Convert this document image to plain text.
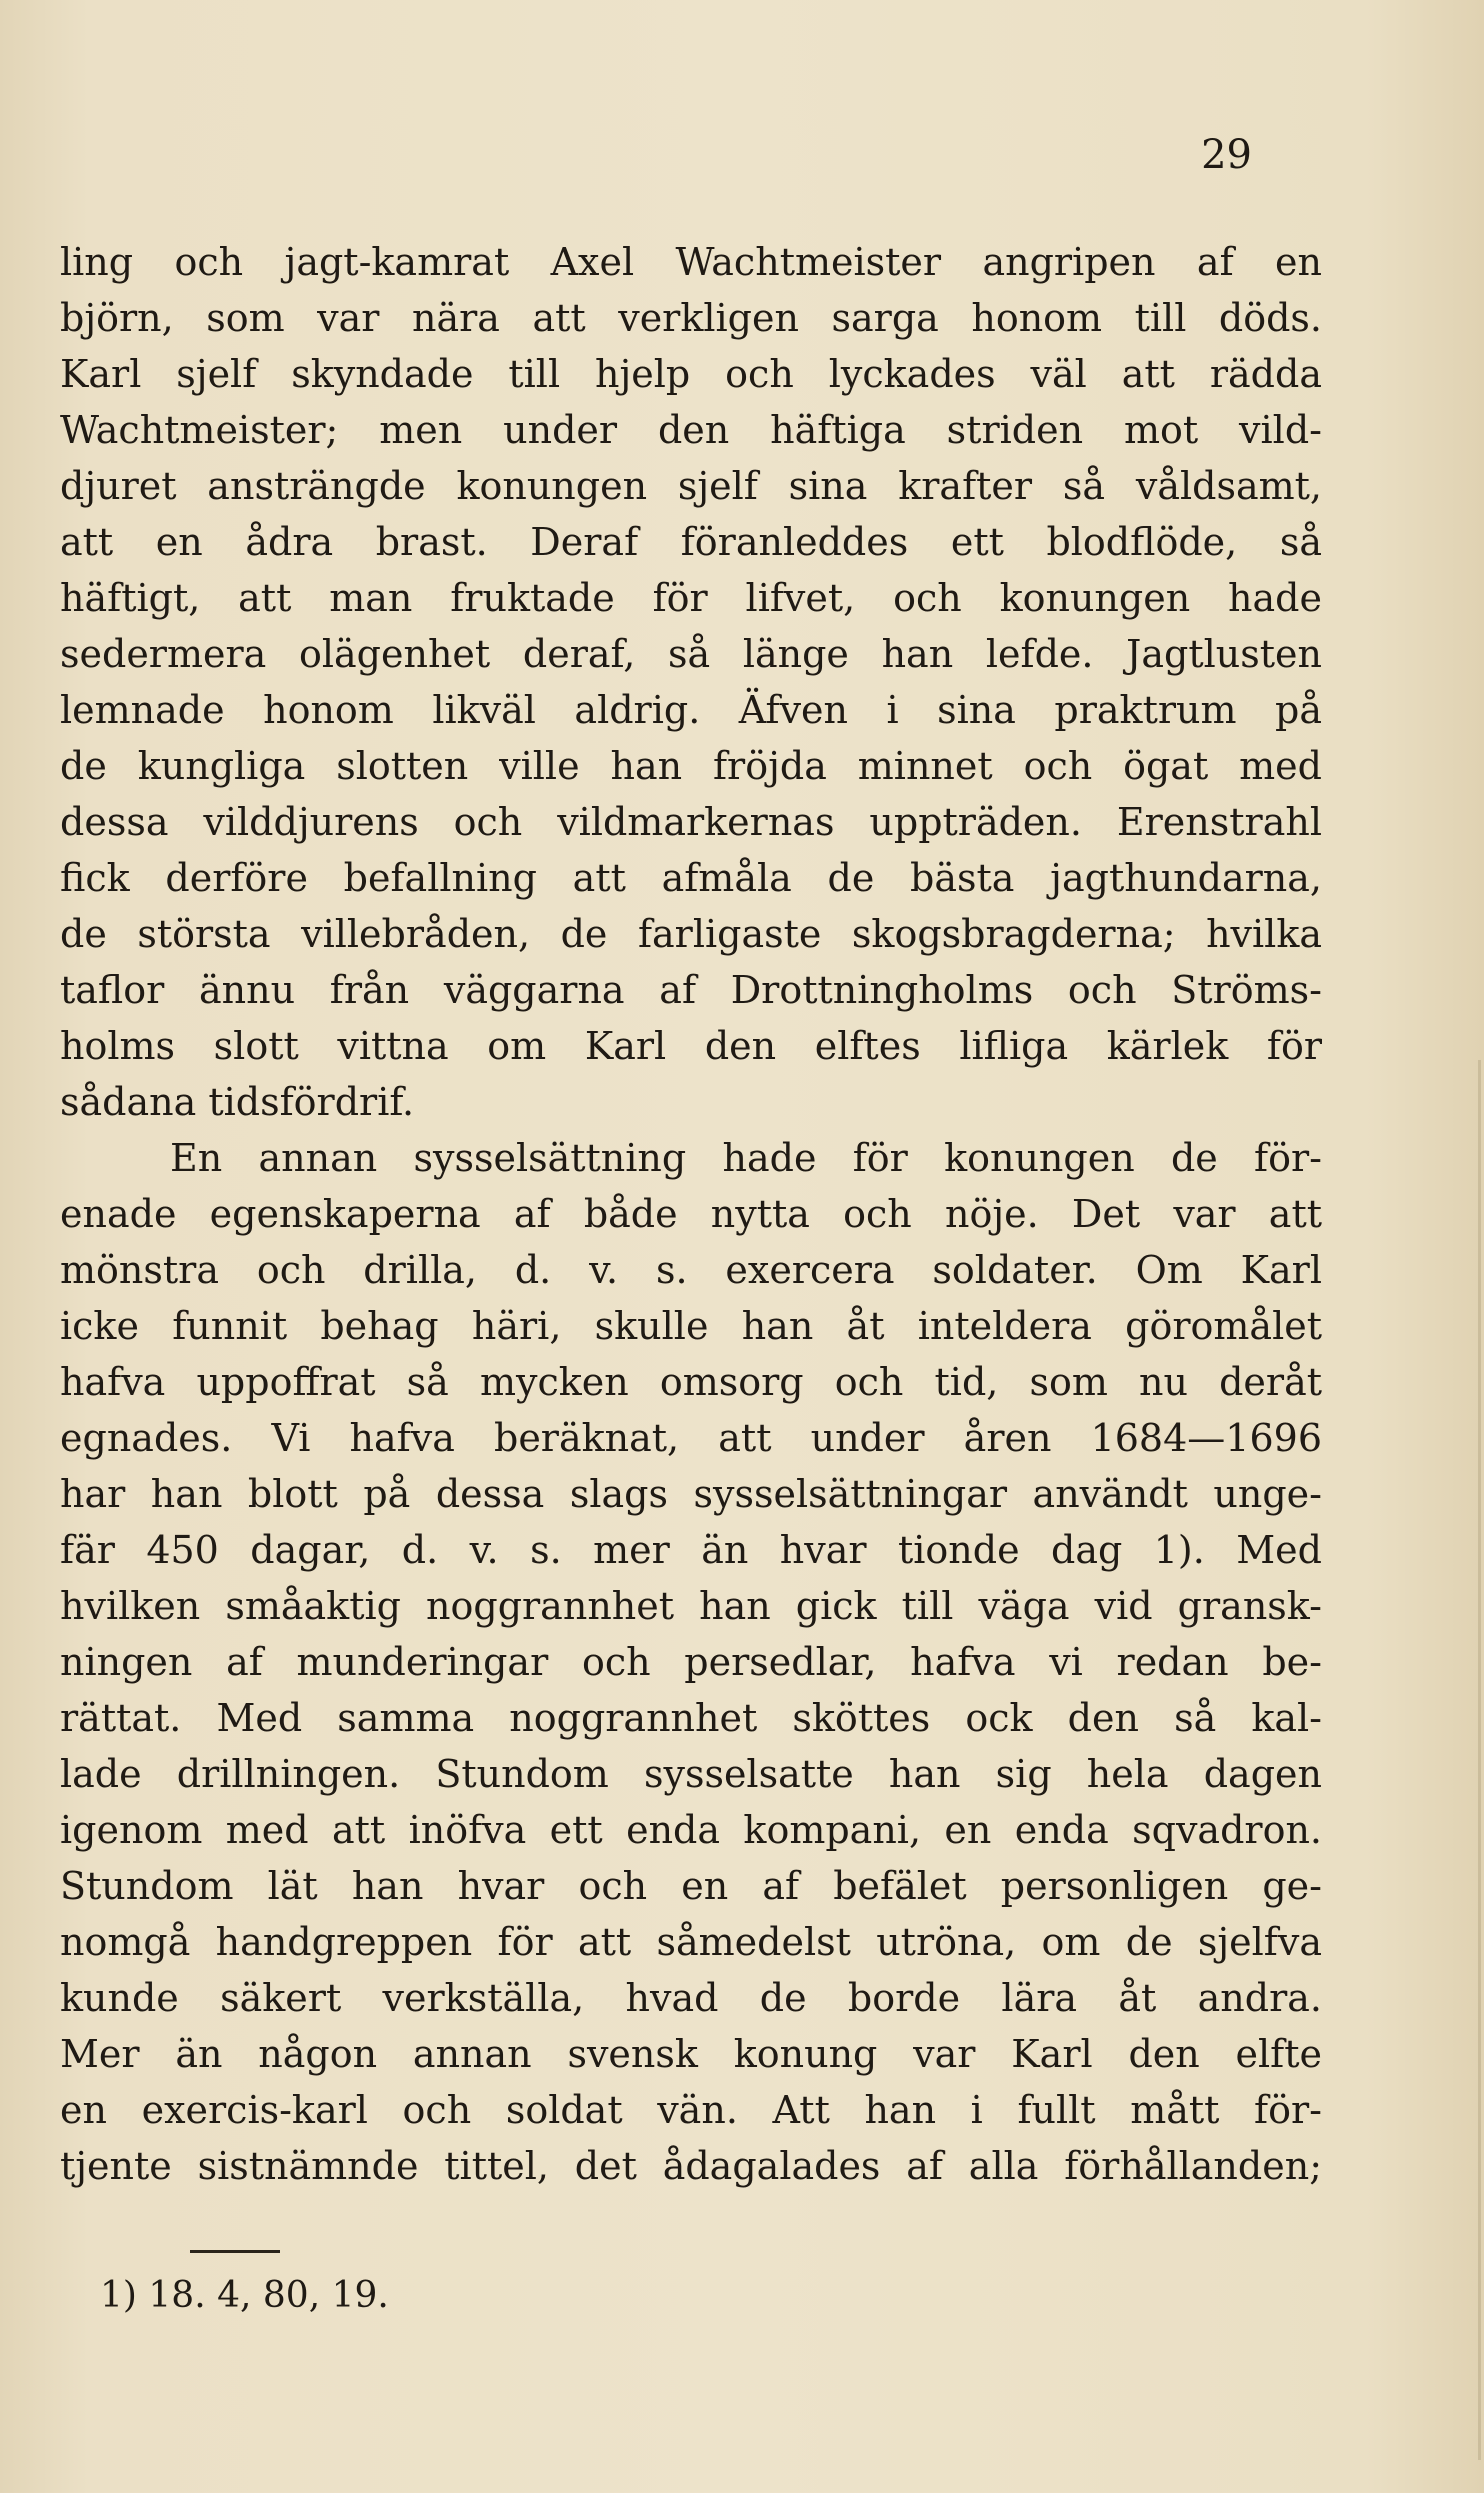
29
ling och jagt-kamrat Axel Wachtmeister angripen af en
björn, som var nära att verkligen sarga honom till döds.
Karl sjelf skyndade till hjelp och lyckades väl att rädda
Wachtmeister; men under den häftiga striden mot vild-
djuret ansträngde konungen sjelf sina krafter så våldsamt,
att en ådra brast. Deraf föranleddes ett blodflöde, så
häftigt, att man fruktade för lifvet, och konungen hade
sedermera olägenhet deraf, så länge han lefde. Jagtlusten
lemnade honom likväl aldrig. Äfven i sina praktrum på
de kungliga slotten ville han fröjda minnet och ögat med
dessa vilddjurens och vildmarkernas uppträden. Erenstrahl
fick derföre befallning att afmåla de bästa jagthundarna,
de största villebråden, de farligaste skogsbragderna; hvilka
taflor ännu från väggarna af Drottningholms och Ströms-
holms slott vittna om Karl den elftes lifliga kärlek för
sådana tidsfördrif.
En annan sysselsättning hade för konungen de för-
enade egenskaperna af både nytta och nöje. Det var att
mönstra och drilla, d. v. s. exercera soldater. Om Karl
icke funnit behag häri, skulle han åt inteldera göromålet
hafva uppoffrat så mycken omsorg och tid, som nu deråt
egnades. Vi hafva beräknat, att under åren 1684—1696
har han blott på dessa slags sysselsättningar användt unge-
fär 450 dagar, d. v. s. mer än hvar tionde dag 1). Med
hvilken småaktig noggrannhet han gick till väga vid gransk-
ningen af munderingar och persedlar, hafva vi redan be-
rättat. Med samma noggrannhet sköttes ock den så kal-
lade drillningen. Stundom sysselsatte han sig hela dagen
igenom med att inöfva ett enda kompani, en enda sqvadron.
Stundom lät han hvar och en af befälet personligen ge-
nomgå handgreppen för att såmedelst utröna, om de sjelfva
kunde säkert verkställa, hvad de borde lära åt andra.
Mer än någon annan svensk konung var Karl den elfte
en exercis-karl och soldat vän. Att han i fullt mått för-
tjente sistnämnde tittel, det ådagalades af alla förhållanden;
1) 18. 4, 80, 19.
